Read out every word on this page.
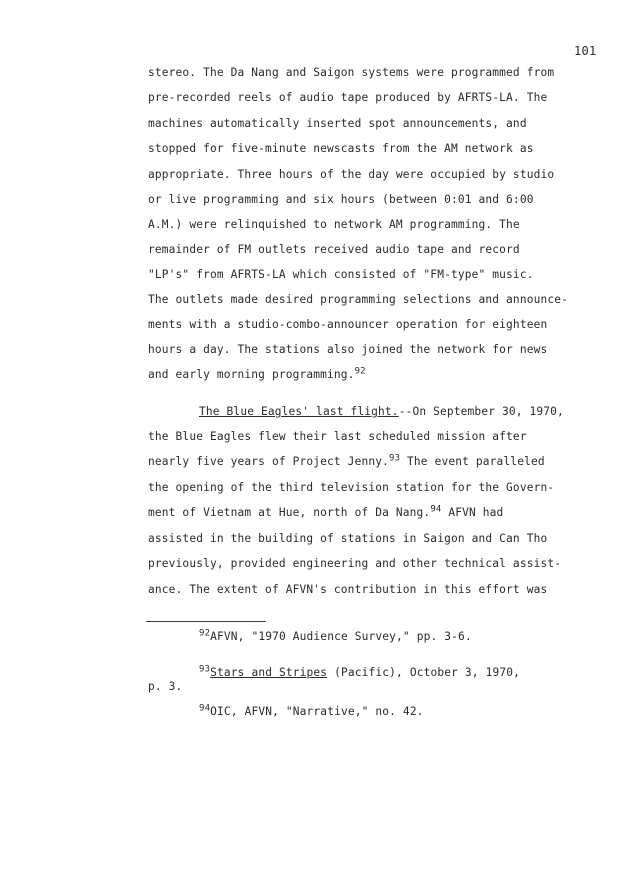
101
stereo. The Da Nang and Saigon systems were programmed from
pre-recorded reels of audio tape produced by AFRTS-LA. The
machines automatically inserted spot announcements, and
stopped for five-minute newscasts from the AM network as
appropriate. Three hours of the day were occupied by studio
or live programming and six hours (between 0:01 and 6:00
A.M.) were relinquished to network AM programming. The
remainder of FM outlets received audio tape and record
"LP's" from AFRTS-LA which consisted of "FM-type" music.
The outlets made desired programming selections and announce-
ments with a studio-combo-announcer operation for eighteen
hours a day. The stations also joined the network for news
and early morning programming.$^{92}$
The Blue Eagles' last flight.--On September 30, 1970,
the Blue Eagles flew their last scheduled mission after
nearly five years of Project Jenny.$^{93}$ The event paralleled
the opening of the third television station for the Govern-
ment of Vietnam at Hue, north of Da Nang.$^{94}$ AFVN had
assisted in the building of stations in Saigon and Can Tho
previously, provided engineering and other technical assist-
ance. The extent of AFVN's contribution in this effort was
$^{92}$AFVN, "1970 Audience Survey," pp. 3-6.
$^{93}$Stars and Stripes (Pacific), October 3, 1970,
p. 3.
$^{94}$OIC, AFVN, "Narrative," no. 42.
